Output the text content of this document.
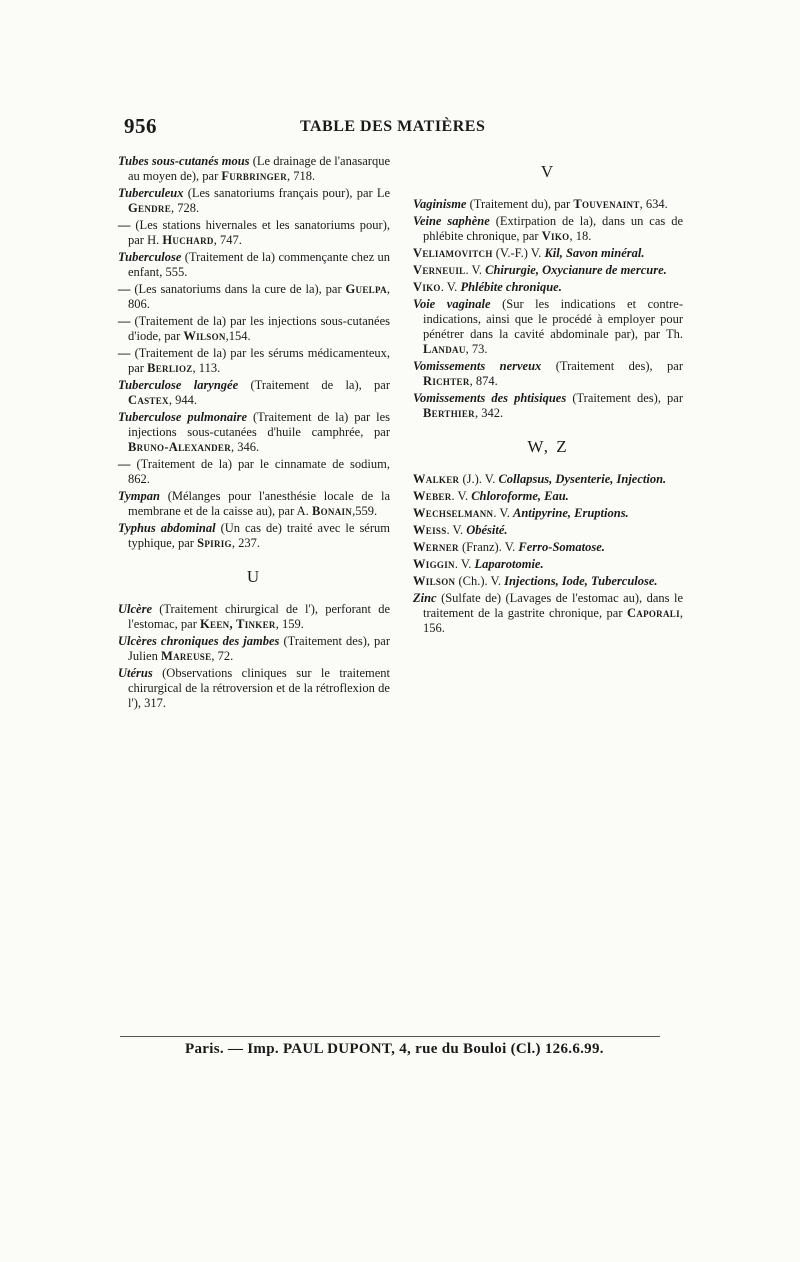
956	TABLE DES MATIÈRES

Tubes sous-cutanés mous (Le drainage de l'anasarque au moyen de), par Furbringer, 718.

Tuberculeux (Les sanatoriums français pour), par Le Gendre, 728.

— (Les stations hivernales et les sanatoriums pour), par H. Huchard, 747.

Tuberculose (Traitement de la) commençante chez un enfant, 555.

— (Les sanatoriums dans la cure de la), par Guelpa, 806.

— (Traitement de la) par les injections sous-cutanées d'iode, par Wilson,154.

— (Traitement de la) par les sérums médicamenteux, par Berlioz, 113.

Tuberculose laryngée (Traitement de la), par Castex, 944.

Tuberculose pulmonaire (Traitement de la) par les injections sous-cutanées d'huile camphrée, par Bruno-Alexander, 346.

— (Traitement de la) par le cinnamate de sodium, 862.

Tympan (Mélanges pour l'anesthésie locale de la membrane et de la caisse au), par A. Bonain,559.

Typhus abdominal (Un cas de) traité avec le sérum typhique, par Spirig, 237.

U

Ulcère (Traitement chirurgical de l'), perforant de l'estomac, par Keen, Tinker, 159.

Ulcères chroniques des jambes (Traitement des), par Julien Mareuse, 72.

Utérus (Observations cliniques sur le traitement chirurgical de la rétroversion et de la rétroflexion de l'), 317.

V

Vaginisme (Traitement du), par Touvenaint, 634.

Veine saphène (Extirpation de la), dans un cas de phlébite chronique, par Viko, 18.

Veliamovitch (V.-F.) V. Kil, Savon minéral.

Verneuil. V. Chirurgie, Oxycianure de mercure.

Viko. V. Phlébite chronique.

Voie vaginale (Sur les indications et contre-indications, ainsi que le procédé à employer pour pénétrer dans la cavité abdominale par), par Th. Landau, 73.

Vomissements nerveux (Traitement des), par Richter, 874.

Vomissements des phtisiques (Traitement des), par Berthier, 342.

W, Z

Walker (J.). V. Collapsus, Dysenterie, Injection.

Weber. V. Chloroforme, Eau.

Wechselmann. V. Antipyrine, Eruptions.

Weiss. V. Obésité.

Werner (Franz). V. Ferro-Somatose.

Wiggin. V. Laparotomie.

Wilson (Ch.). V. Injections, Iode, Tuberculose.

Zinc (Sulfate de) (Lavages de l'estomac au), dans le traitement de la gastrite chronique, par Caporali, 156.

Paris. — Imp. PAUL DUPONT, 4, rue du Bouloi (Cl.) 126.6.99.
